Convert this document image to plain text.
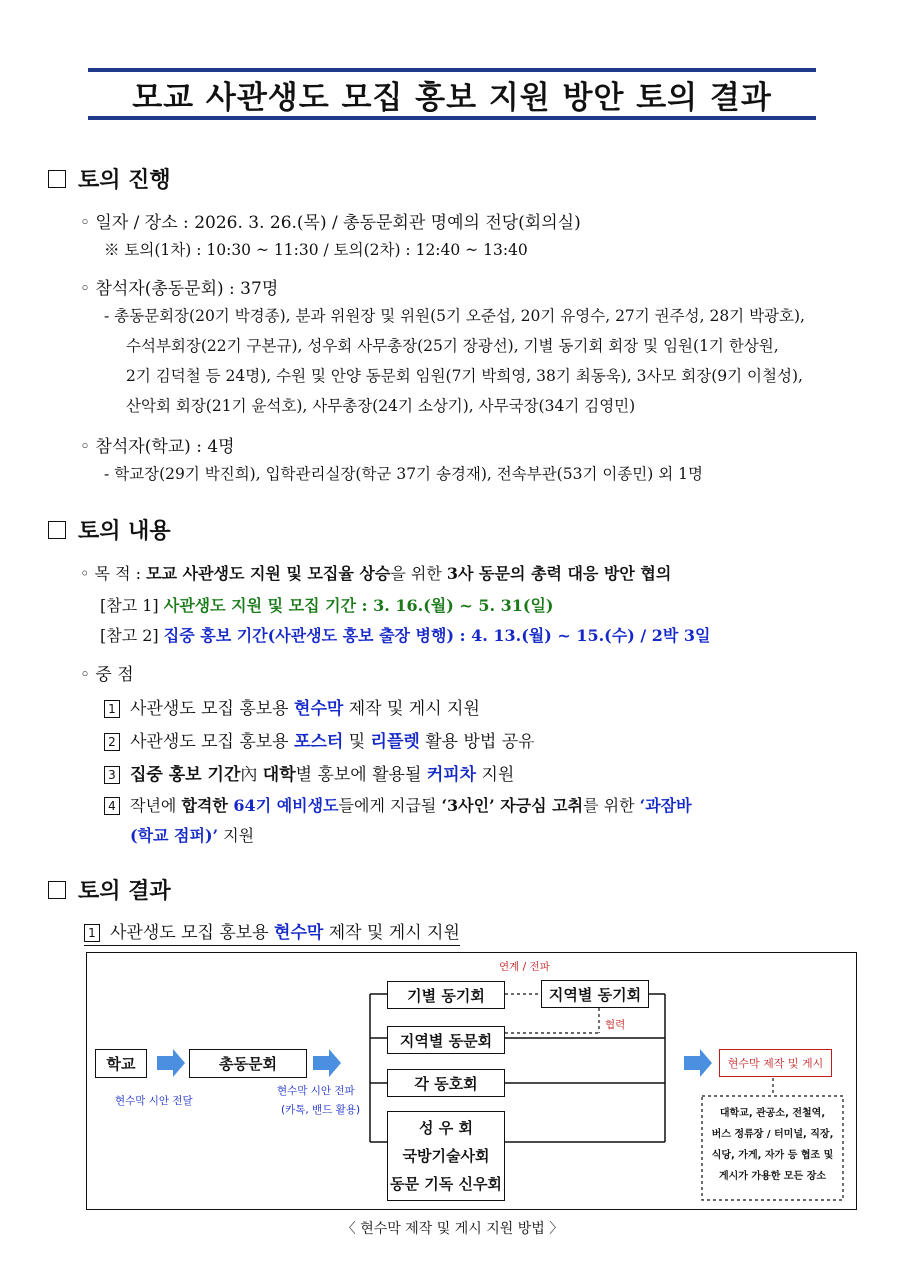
모교 사관생도 모집 홍보 지원 방안 토의 결과
토의 진행
◦ 일자 / 장소 : 2026. 3. 26.(목) / 총동문회관 명예의 전당(회의실)
※ 토의(1차) : 10:30 ~ 11:30 / 토의(2차) : 12:40 ~ 13:40
◦ 참석자(총동문회) : 37명
- 총동문회장(20기 박경종), 분과 위원장 및 위원(5기 오준섭, 20기 유영수, 27기 권주성, 28기 박광호),
수석부회장(22기 구본규), 성우회 사무총장(25기 장광선), 기별 동기회 회장 및 임원(1기 한상원,
2기 김덕철 등 24명), 수원 및 안양 동문회 임원(7기 박희영, 38기 최동욱), 3사모 회장(9기 이철성),
산악회 회장(21기 윤석호), 사무총장(24기 소상기), 사무국장(34기 김영민)
◦ 참석자(학교) : 4명
- 학교장(29기 박진희), 입학관리실장(학군 37기 송경재), 전속부관(53기 이종민) 외 1명
토의 내용
◦ 목 적 : 모교 사관생도 지원 및 모집율 상승을 위한 3사 동문의 총력 대응 방안 협의
[참고 1] 사관생도 지원 및 모집 기간 : 3. 16.(월) ~ 5. 31(일)
[참고 2] 집중 홍보 기간(사관생도 홍보 출장 병행) : 4. 13.(월) ~ 15.(수) / 2박 3일
◦ 중 점
1 사관생도 모집 홍보용 현수막 제작 및 게시 지원
2 사관생도 모집 홍보용 포스터 및 리플렛 활용 방법 공유
3 집중 홍보 기간內 대학별 홍보에 활용될 커피차 지원
4 작년에 합격한 64기 예비생도들에게 지급될 ‘3사인’ 자긍심 고취를 위한 ‘과잠바
(학교 점퍼)’ 지원
토의 결과
1 사관생도 모집 홍보용 현수막 제작 및 게시 지원
학교	총동문회
현수막 시안 전달
현수막 시안 전파
(카톡, 밴드 활용)
기별 동기회	지역별 동기회
지역별 동문회
각 동호회
성 우 회
국방기술사회
동문 기독 신우회
연계 / 전파
협력
현수막 제작 및 게시
대학교, 관공소, 전철역,
버스 정류장 / 터미널, 직장,
식당, 가게, 자가 등 협조 및
게시가 가용한 모든 장소
〈 현수막 제작 및 게시 지원 방법 〉
